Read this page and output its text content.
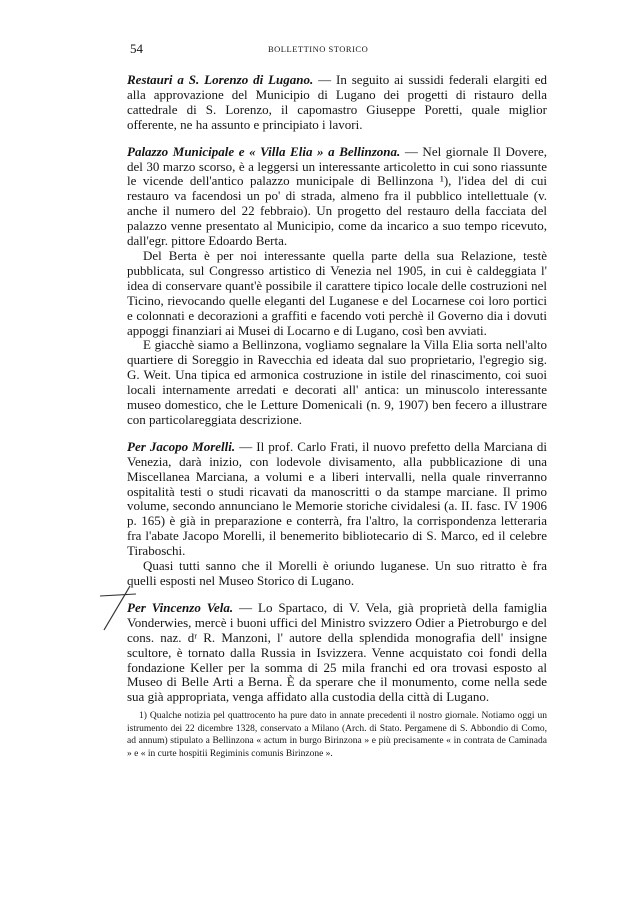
54	BOLLETTINO STORICO

Restauri a S. Lorenzo di Lugano. — In seguito ai sussidi federali elargiti ed alla approvazione del Municipio di Lugano dei progetti di ristauro della cattedrale di S. Lorenzo, il capomastro Giuseppe Poretti, quale miglior offerente, ne ha assunto e principiato i lavori.

Palazzo Municipale e « Villa Elia » a Bellinzona. — Nel giornale Il Dovere, del 30 marzo scorso, è a leggersi un interessante articoletto in cui sono riassunte le vicende dell'antico palazzo municipale di Bellinzona ¹), l'idea del di cui restauro va facendosi un po' di strada, almeno fra il pubblico intellettuale (v. anche il numero del 22 febbraio). Un progetto del restauro della facciata del palazzo venne presentato al Municipio, come da incarico a suo tempo ricevuto, dall'egr. pittore Edoardo Berta.

Del Berta è per noi interessante quella parte della sua Relazione, testè pubblicata, sul Congresso artistico di Venezia nel 1905, in cui è caldeggiata l' idea di conservare quant'è possibile il carattere tipico locale delle costruzioni nel Ticino, rievocando quelle eleganti del Luganese e del Locarnese coi loro portici e colonnati e decorazioni a graffiti e facendo voti perchè il Governo dia i dovuti appoggi finanziari ai Musei di Locarno e di Lugano, così ben avviati.

E giacchè siamo a Bellinzona, vogliamo segnalare la Villa Elia sorta nell'alto quartiere di Soreggio in Ravecchia ed ideata dal suo proprietario, l'egregio sig. G. Weit. Una tipica ed armonica costruzione in istile del rinascimento, coi suoi locali internamente arredati e decorati all' antica: un minuscolo interessante museo domestico, che le Letture Domenicali (n. 9, 1907) ben fecero a illustrare con particolareggiata descrizione.

Per Jacopo Morelli. — Il prof. Carlo Frati, il nuovo prefetto della Marciana di Venezia, darà inizio, con lodevole divisamento, alla pubblicazione di una Miscellanea Marciana, a volumi e a liberi intervalli, nella quale rinverranno ospitalità testi o studi ricavati da manoscritti o da stampe marciane. Il primo volume, secondo annunciano le Memorie storiche cividalesi (a. II. fasc. IV 1906 p. 165) è già in preparazione e conterrà, fra l'altro, la corrispondenza letteraria fra l'abate Jacopo Morelli, il benemerito bibliotecario di S. Marco, ed il celebre Tiraboschi.

Quasi tutti sanno che il Morelli è oriundo luganese. Un suo ritratto è fra quelli esposti nel Museo Storico di Lugano.

Per Vincenzo Vela. — Lo Spartaco, di V. Vela, già proprietà della famiglia Vonderwies, mercè i buoni uffici del Ministro svizzero Odier a Pietroburgo e del cons. naz. dʳ R. Manzoni, l' autore della splendida monografia dell' insigne scultore, è tornato dalla Russia in Isvizzera. Venne acquistato coi fondi della fondazione Keller per la somma di 25 mila franchi ed ora trovasi esposto al Museo di Belle Arti a Berna. È da sperare che il monumento, come nella sede sua già appropriata, venga affidato alla custodia della città di Lugano.

1) Qualche notizia pel quattrocento ha pure dato in annate precedenti il nostro giornale. Notiamo oggi un istrumento dei 22 dicembre 1328, conservato a Milano (Arch. di Stato. Pergamene di S. Abbondio di Como, ad annum) stipulato a Bellinzona « actum in burgo Birinzona » e più precisamente « in contrata de Caminada » e « in curte hospitii Regiminis comunis Birinzone ».
